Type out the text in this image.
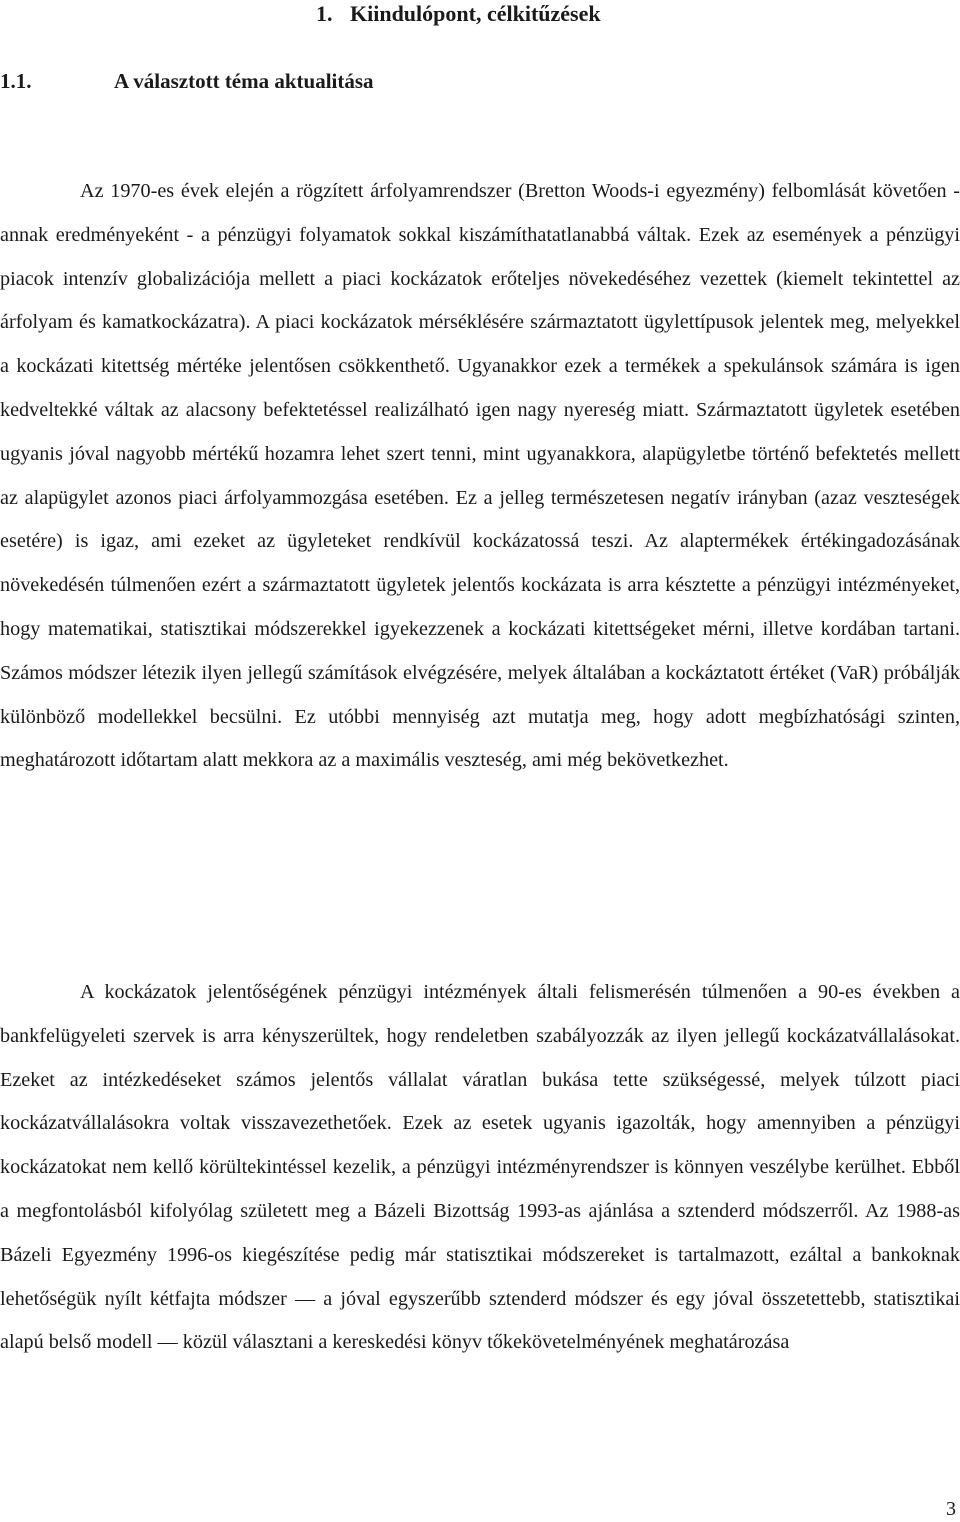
1. Kiindulópont, célkitűzések
1.1.	A választott téma aktualitása

Az 1970-es évek elején a rögzített árfolyamrendszer (Bretton Woods-i egyezmény) felbomlását követően - annak eredményeként - a pénzügyi folyamatok sokkal kiszámíthatatlanabbá váltak. Ezek az események a pénzügyi piacok intenzív globalizációja mellett a piaci kockázatok erőteljes növekedéséhez vezettek (kiemelt tekintettel az árfolyam és kamatkockázatra). A piaci kockázatok mérséklésére származtatott ügylettípusok jelentek meg, melyekkel a kockázati kitettség mértéke jelentősen csökkenthető. Ugyanakkor ezek a termékek a spekulánsok számára is igen kedveltekké váltak az alacsony befektetéssel realizálható igen nagy nyereség miatt. Származtatott ügyletek esetében ugyanis jóval nagyobb mértékű hozamra lehet szert tenni, mint ugyanakkora, alapügyletbe történő befektetés mellett az alapügylet azonos piaci árfolyammozgása esetében. Ez a jelleg természetesen negatív irányban (azaz veszteségek esetére) is igaz, ami ezeket az ügyleteket rendkívül kockázatossá teszi. Az alaptermékek értékingadozásának növekedésén túlmenően ezért a származtatott ügyletek jelentős kockázata is arra késztette a pénzügyi intézményeket, hogy matematikai, statisztikai módszerekkel igyekezzenek a kockázati kitettségeket mérni, illetve kordában tartani. Számos módszer létezik ilyen jellegű számítások elvégzésére, melyek általában a kockáztatott értéket (VaR) próbálják különböző modellekkel becsülni. Ez utóbbi mennyiség azt mutatja meg, hogy adott megbízhatósági szinten, meghatározott időtartam alatt mekkora az a maximális veszteség, ami még bekövetkezhet.

A kockázatok jelentőségének pénzügyi intézmények általi felismerésén túlmenően a 90-es években a bankfelügyeleti szervek is arra kényszerültek, hogy rendeletben szabályozzák az ilyen jellegű kockázatvállalásokat. Ezeket az intézkedéseket számos jelentős vállalat váratlan bukása tette szükségessé, melyek túlzott piaci kockázatvállalásokra voltak visszavezethetőek. Ezek az esetek ugyanis igazolták, hogy amennyiben a pénzügyi kockázatokat nem kellő körültekintéssel kezelik, a pénzügyi intézményrendszer is könnyen veszélybe kerülhet. Ebből a megfontolásból kifolyólag született meg a Bázeli Bizottság 1993-as ajánlása a sztenderd módszerről. Az 1988-as Bázeli Egyezmény 1996-os kiegészítése pedig már statisztikai módszereket is tartalmazott, ezáltal a bankoknak lehetőségük nyílt kétfajta módszer — a jóval egyszerűbb sztenderd módszer és egy jóval összetettebb, statisztikai alapú belső modell — közül választani a kereskedési könyv tőkekövetelményének meghatározása

3
